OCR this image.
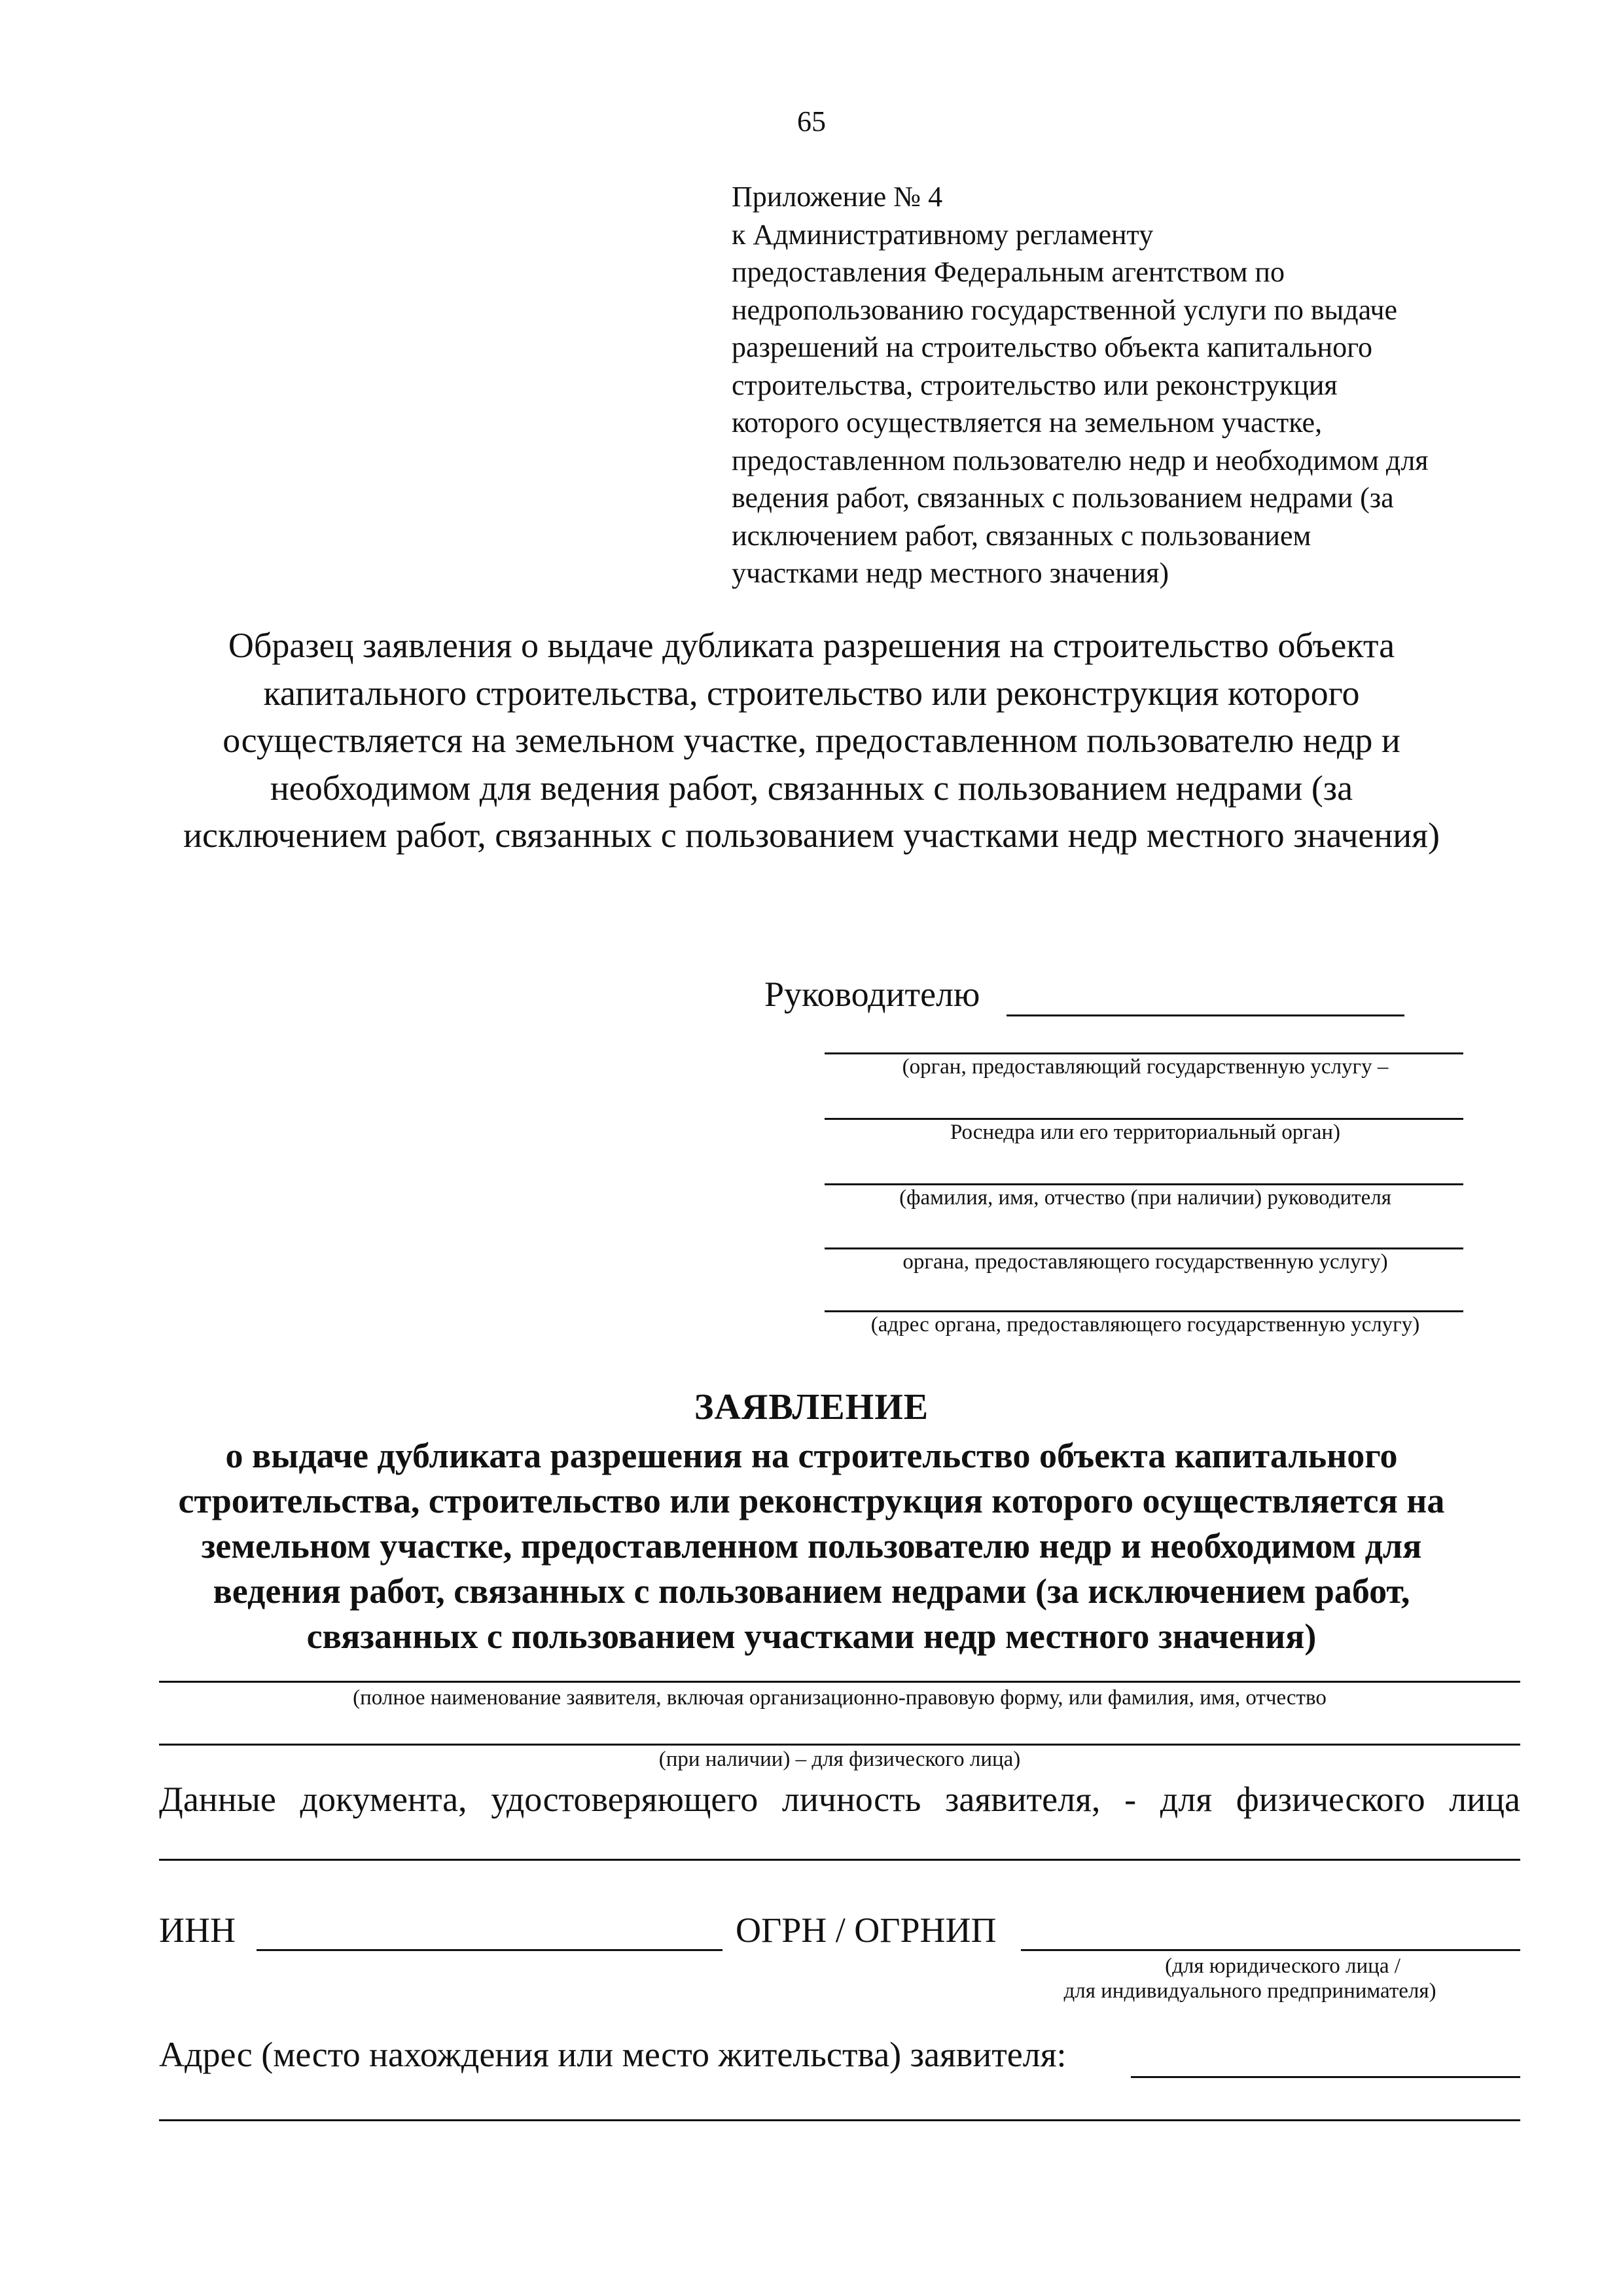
65
Приложение № 4
к Административному регламенту
предоставления Федеральным агентством по
недропользованию государственной услуги по выдаче
разрешений на строительство объекта капитального
строительства, строительство или реконструкция
которого осуществляется на земельном участке,
предоставленном пользователю недр и необходимом для
ведения работ, связанных с пользованием недрами (за
исключением работ, связанных с пользованием
участками недр местного значения)
Образец заявления о выдаче дубликата разрешения на строительство объекта
капитального строительства, строительство или реконструкция которого
осуществляется на земельном участке, предоставленном пользователю недр и
необходимом для ведения работ, связанных с пользованием недрами (за
исключением работ, связанных с пользованием участками недр местного значения)
Руководителю
(орган, предоставляющий государственную услугу –
Роснедра или его территориальный орган)
(фамилия, имя, отчество (при наличии) руководителя
органа, предоставляющего государственную услугу)
(адрес органа, предоставляющего государственную услугу)
ЗАЯВЛЕНИЕ
о выдаче дубликата разрешения на строительство объекта капитального
строительства, строительство или реконструкция которого осуществляется на
земельном участке, предоставленном пользователю недр и необходимом для
ведения работ, связанных с пользованием недрами (за исключением работ,
связанных с пользованием участками недр местного значения)
(полное наименование заявителя, включая организационно-правовую форму, или фамилия, имя, отчество
(при наличии) – для физического лица)
Данные документа, удостоверяющего личность заявителя, - для физического лица
ИНН	ОГРН / ОГРНИП
(для юридического лица /
для индивидуального предпринимателя)
Адрес (место нахождения или место жительства) заявителя:
